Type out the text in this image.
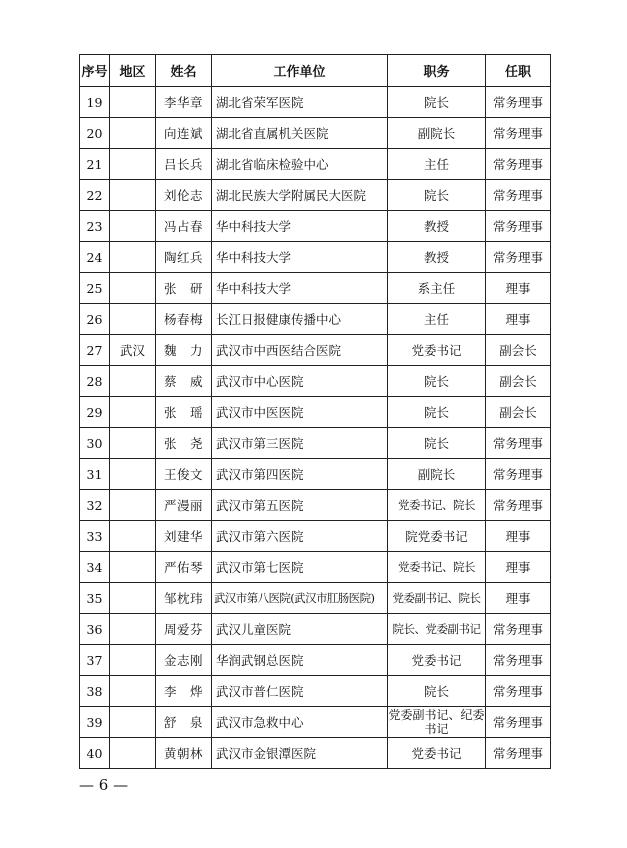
序号	地区	姓名	工作单位	职务	任职
19		李华章	湖北省荣军医院	院长	常务理事
20		向连斌	湖北省直属机关医院	副院长	常务理事
21		吕长兵	湖北省临床检验中心	主任	常务理事
22		刘伦志	湖北民族大学附属民大医院	院长	常务理事
23		冯占春	华中科技大学	教授	常务理事
24		陶红兵	华中科技大学	教授	常务理事
25		张　研	华中科技大学	系主任	理事
26		杨春梅	长江日报健康传播中心	主任	理事
27	武汉	魏　力	武汉市中西医结合医院	党委书记	副会长
28		蔡　威	武汉市中心医院	院长	副会长
29		张　瑶	武汉市中医医院	院长	副会长
30		张　尧	武汉市第三医院	院长	常务理事
31		王俊文	武汉市第四医院	副院长	常务理事
32		严漫丽	武汉市第五医院	党委书记、院长	常务理事
33		刘建华	武汉市第六医院	院党委书记	理事
34		严佑琴	武汉市第七医院	党委书记、院长	理事
35		邹枕玮	武汉市第八医院(武汉市肛肠医院)	党委副书记、院长	理事
36		周爱芬	武汉儿童医院	院长、党委副书记	常务理事
37		金志刚	华润武钢总医院	党委书记	常务理事
38		李　烨	武汉市普仁医院	院长	常务理事
39		舒　泉	武汉市急救中心	党委副书记、纪委书记	常务理事
40		黄朝林	武汉市金银潭医院	党委书记	常务理事
— 6 —
